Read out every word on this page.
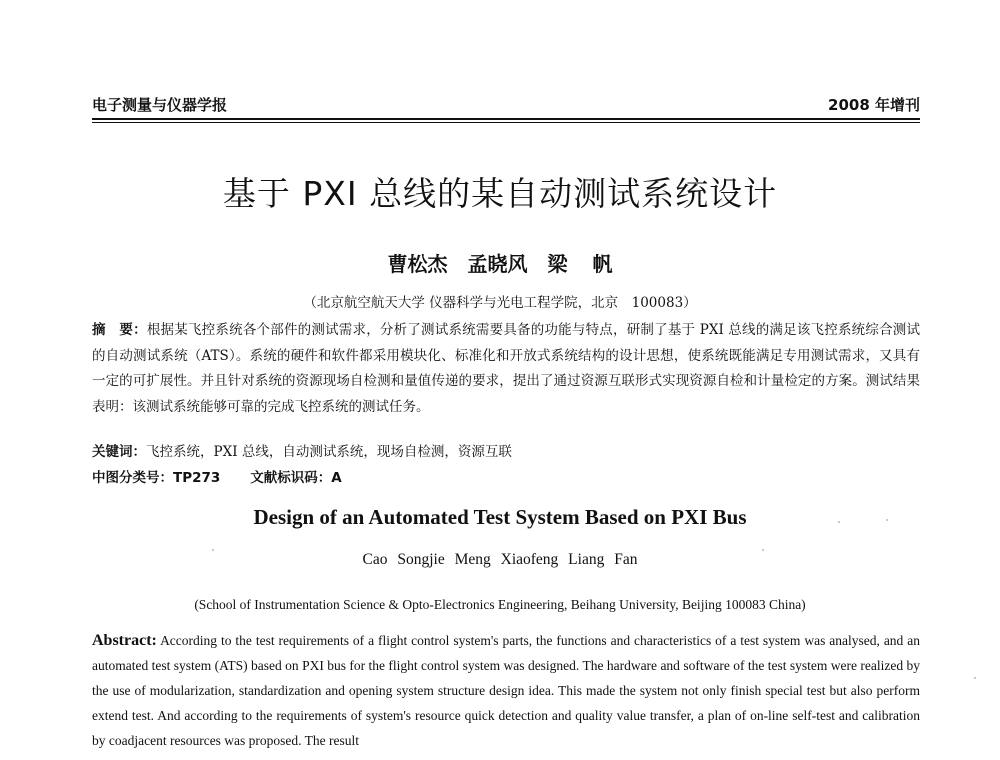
电子测量与仪器学报	2008 年增刊
基于 PXI 总线的某自动测试系统设计
曹松杰　孟晓风　梁 帆
（北京航空航天大学 仪器科学与光电工程学院，北京　100083）
摘　要：根据某飞控系统各个部件的测试需求，分析了测试系统需要具备的功能与特点，研制了基于 PXI 总线的满足该飞控系统综合测试的自动测试系统（ATS）。系统的硬件和软件都采用模块化、标准化和开放式系统结构的设计思想，使系统既能满足专用测试需求，又具有一定的可扩展性。并且针对系统的资源现场自检测和量值传递的要求，提出了通过资源互联形式实现资源自检和计量检定的方案。测试结果表明：该测试系统能够可靠的完成飞控系统的测试任务。
关键词：飞控系统，PXI 总线，自动测试系统，现场自检测，资源互联
中图分类号：TP273 文献标识码：A
Design of an Automated Test System Based on PXI Bus
Cao Songjie Meng Xiaofeng Liang Fan
(School of Instrumentation Science & Opto-Electronics Engineering, Beihang University, Beijing 100083 China)
Abstract: According to the test requirements of a flight control system's parts, the functions and characteristics of a test system was analysed, and an automated test system (ATS) based on PXI bus for the flight control system was designed. The hardware and software of the test system were realized by the use of modularization, standardization and opening system structure design idea. This made the system not only finish special test but also perform extend test. And according to the requirements of system's resource quick detection and quality value transfer, a plan of on-line self-test and calibration by coadjacent resources was proposed. The result
